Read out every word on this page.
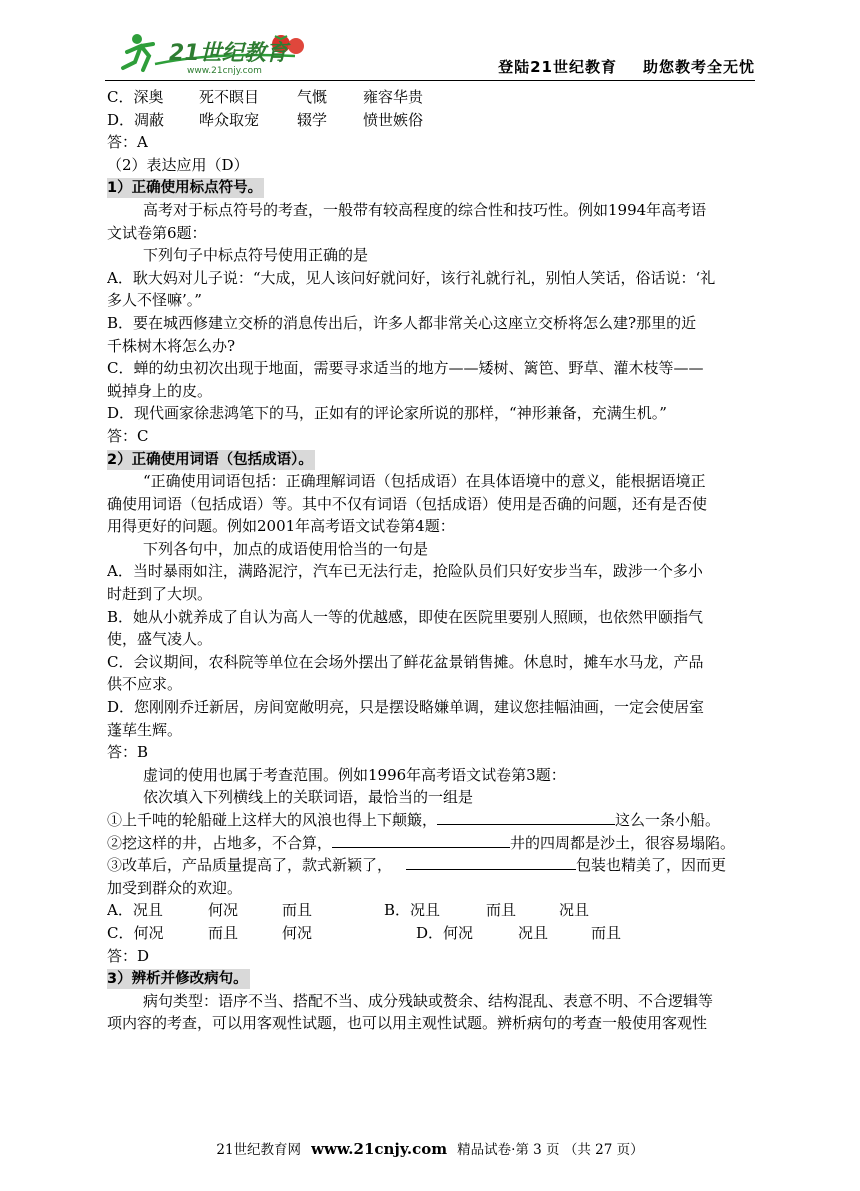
21世纪教育
www.21cnjy.com	登陆21世纪教育 助您教考全无忧
C．深奥 死不瞑目	气慨 雍容华贵
D．凋蔽 哗众取宠	辍学 愤世嫉俗
答：A
（2）表达应用（D）
1）正确使用标点符号。
高考对于标点符号的考查，一般带有较高程度的综合性和技巧性。例如1994年高考语
文试卷第6题：
下列句子中标点符号使用正确的是
A．耿大妈对儿子说：“大成，见人该问好就问好，该行礼就行礼，别怕人笑话，俗话说：‘礼
多人不怪嘛’。”
B．要在城西修建立交桥的消息传出后，许多人都非常关心这座立交桥将怎么建?那里的近
千株树木将怎么办?
C．蝉的幼虫初次出现于地面，需要寻求适当的地方——矮树、篱笆、野草、灌木枝等——
蜕掉身上的皮。
D．现代画家徐悲鸿笔下的马，正如有的评论家所说的那样，“神形兼备，充满生机。”
答：C
2）正确使用词语（包括成语）。
“正确使用词语包括：正确理解词语（包括成语）在具体语境中的意义，能根据语境正
确使用词语（包括成语）等。其中不仅有词语（包括成语）使用是否确的问题，还有是否使
用得更好的问题。例如2001年高考语文试卷第4题：
下列各句中，加点的成语使用恰当的一句是
A．当时暴雨如注，满路泥泞，汽车已无法行走，抢险队员们只好安步当车，跋涉一个多小
时赶到了大坝。
B．她从小就养成了自认为高人一等的优越感，即使在医院里要别人照顾，也依然甲颐指气
使，盛气凌人。
C．会议期间，农科院等单位在会场外摆出了鲜花盆景销售摊。休息时，摊车水马龙，产品
供不应求。
D．您刚刚乔迁新居，房间宽敞明亮，只是摆设略嫌单调，建议您挂幅油画，一定会使居室
蓬荜生辉。
答：B
虚词的使用也属于考查范围。例如1996年高考语文试卷第3题：
依次填入下列横线上的关联词语，最恰当的一组是
①上千吨的轮船碰上这样大的风浪也得上下颠簸，	这么一条小船。
②挖这样的井，占地多，不合算，	井的四周都是沙土，很容易塌陷。
③改革后，产品质量提高了，款式新颖了，	包装也精美了，因而更
加受到群众的欢迎。
A．况且	何况	而且	B．况且	而且	况且
C．何况	而且	何况	D．何况	况且	而且
答：D
3）辨析并修改病句。
病句类型：语序不当、搭配不当、成分残缺或赘余、结构混乱、表意不明、不合逻辑等
项内容的考查，可以用客观性试题，也可以用主观性试题。辨析病句的考查一般使用客观性
21世纪教育网 www.21cnjy.com 精品试卷·第 3 页 （共 27 页）
